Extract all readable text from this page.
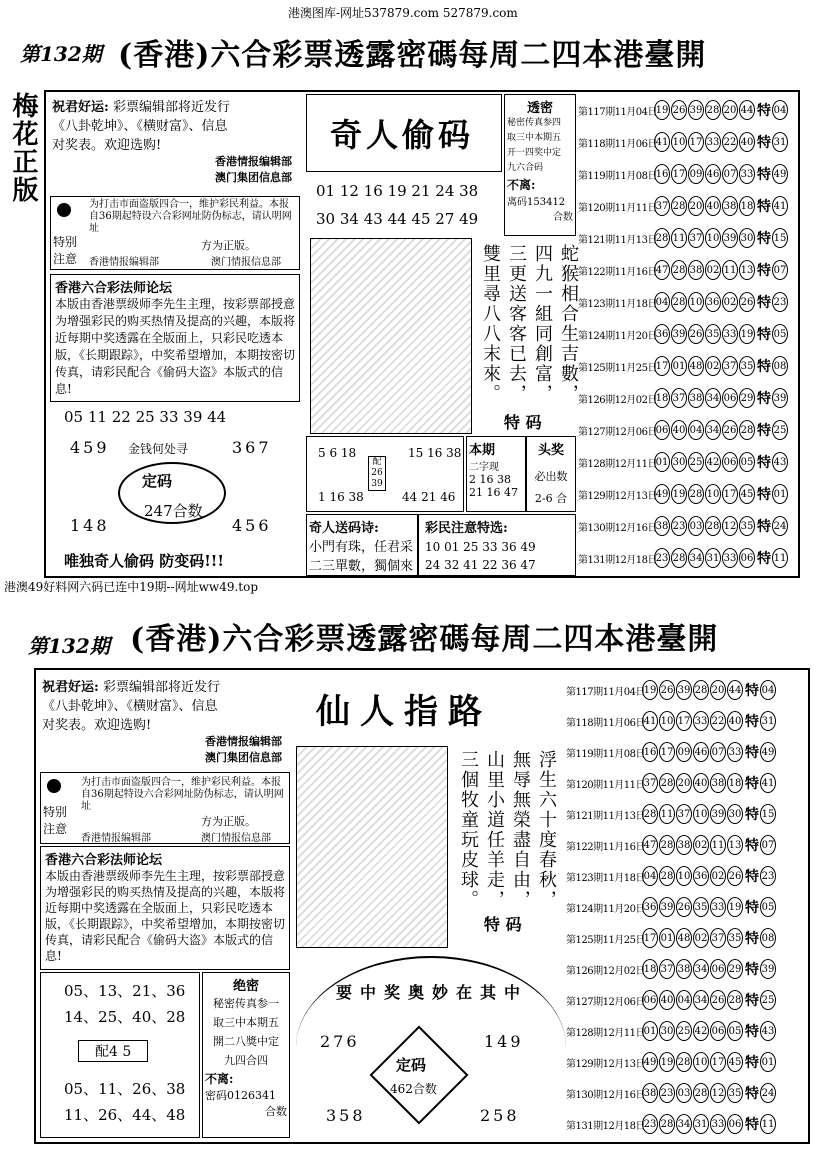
港澳图库-网址537879.com 527879.com
第132期 (香港)六合彩票透露密碼每周二四本港臺開
梅花正版 祝君好运: 彩票编辑部将近发行
《八卦乾坤》、《横财富》、信息
对奖表。欢迎选购!
香港情报编辑部
澳门集团信息部
特别注意
为打击市面盗版四合一，维护彩民利益。本报自36期起特设六合彩网址防伪标志，请认明网址
方为正版。
香港情报编辑部	澳门情报信息部
香港六合彩法师论坛
本版由香港票级师李先生主理，按彩票部授意为增强彩民的购买热情及提高的兴趣，本版将近每期中奖透露在全版面上，只彩民吃透本版，《长期跟踪》，中奖希望增加，本期按密切传真，请彩民配合《偷码大盗》本版式的信息!
05 11 22 25 33 39 44
459	367
148	456
金钱何处寻
定码
247合数
唯独奇人偷码 防变码!!!
奇人偷码
01 12 16 19 21 24 38
30 34 43 44 45 27 49
透密
秘密传真参四
取三中本期五
开一四奖中定
九六合码
不离:
离码153412
合数
蛇猴相合生吉數，
四九一組同創富，
三更送客客已去，
雙里尋八八末來。
特 码
5 6 18
1 16 38
配
26 39
15 16 38
44 21 46
本期
二字现
2 16 38
21 16 47
头奖
必出数
2-6 合
奇人送码诗:
小門有珠，任君采
二三單數，獨個來
彩民注意特选:
10 01 25 33 36 49
24 32 41 22 36 47
第117期11月04日
19 26 39 28 20 44 特 04
第118期11月06日
41 10 17 33 22 40 特 31
第119期11月08日
16 17 09 46 07 33 特 49
第120期11月11日
37 28 20 40 38 18 特 41
第121期11月13日
28 11 37 10 39 30 特 15
第122期11月16日
47 28 38 02 11 13 特 07
第123期11月18日
04 28 10 36 02 26 特 23
第124期11月20日
36 39 26 35 33 19 特 05
第125期11月25日
17 01 48 02 37 35 特 08
第126期12月02日
18 37 38 34 06 29 特 39
第127期12月06日
06 40 04 34 26 28 特 25
第128期12月11日
01 30 25 42 06 05 特 43
第129期12月13日
49 19 28 10 17 45 特 01
第130期12月16日
38 23 03 28 12 35 特 24
第131期12月18日
23 28 34 31 33 06 特 11
港澳49好料网六码已连中19期--网址ww49.top
第132期 (香港)六合彩票透露密碼每周二四本港臺開
祝君好运: 彩票编辑部将近发行
《八卦乾坤》、《横财富》、信息
对奖表。欢迎选购!
香港情报编辑部
澳门集团信息部
特别注意
为打击市面盗版四合一，维护彩民利益。本报自36期起特设六合彩网址防伪标志，请认明网址
方为正版。
香港情报编辑部	澳门情报信息部
香港六合彩法师论坛
本版由香港票级师李先生主理，按彩票部授意为增强彩民的购买热情及提高的兴趣，本版将近每期中奖透露在全版面上，只彩民吃透本版，《长期跟踪》，中奖希望增加，本期按密切传真，请彩民配合《偷码大盗》本版式的信息!
05、13、21、36
14、25、40、28
配4 5
05、11、26、38
11、26、44、48
绝密
秘密传真参一
取三中本期五
開二八獎中定
九四合四
不离:
密码0126341
合数
仙人指路
浮生六十度春秋，
無辱無榮盡自由，
山里小道任羊走，
三個牧童玩皮球。
特 码
要中奖奥妙在其中
276	149
358	258
定码
462合数
第117期11月04日
19 26 39 28 20 44 特 04
第118期11月06日
41 10 17 33 22 40 特 31
第119期11月08日
16 17 09 46 07 33 特 49
第120期11月11日
37 28 20 40 38 18 特 41
第121期11月13日
28 11 37 10 39 30 特 15
第122期11月16日
47 28 38 02 11 13 特 07
第123期11月18日
04 28 10 36 02 26 特 23
第124期11月20日
36 39 26 35 33 19 特 05
第125期11月25日
17 01 48 02 37 35 特 08
第126期12月02日
18 37 38 34 06 29 特 39
第127期12月06日
06 40 04 34 26 28 特 25
第128期12月11日
01 30 25 42 06 05 特 43
第129期12月13日
49 19 28 10 17 45 特 01
第130期12月16日
38 23 03 28 12 35 特 24
第131期12月18日
23 28 34 31 33 06 特 11
